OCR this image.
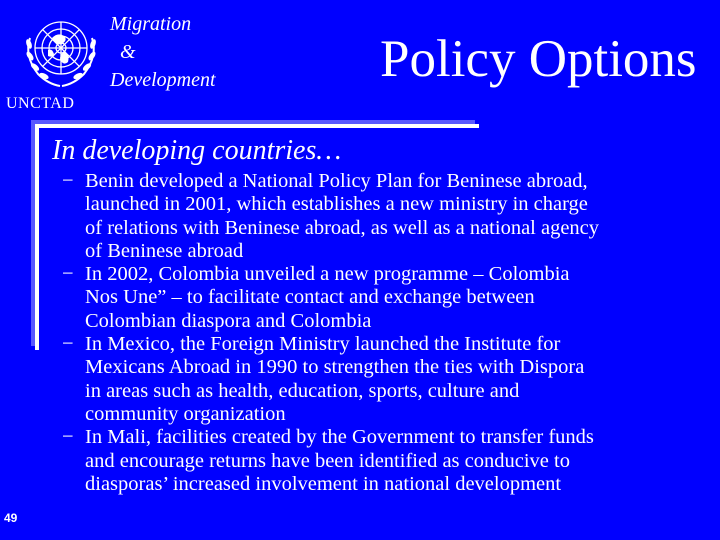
UNCTAD
Migration
&
Development	Policy Options
In developing countries…
− Benin developed a National Policy Plan for Beninese abroad,
launched in 2001, which establishes a new ministry in charge
of relations with Beninese abroad, as well as a national agency
of Beninese abroad
− In 2002, Colombia unveiled a new programme – Colombia
Nos Une” – to facilitate contact and exchange between
Colombian diaspora and Colombia
− In Mexico, the Foreign Ministry launched the Institute for
Mexicans Abroad in 1990 to strengthen the ties with Dispora
in areas such as health, education, sports, culture and
community organization
− In Mali, facilities created by the Government to transfer funds
and encourage returns have been identified as conducive to
diasporas’ increased involvement in national development
49
